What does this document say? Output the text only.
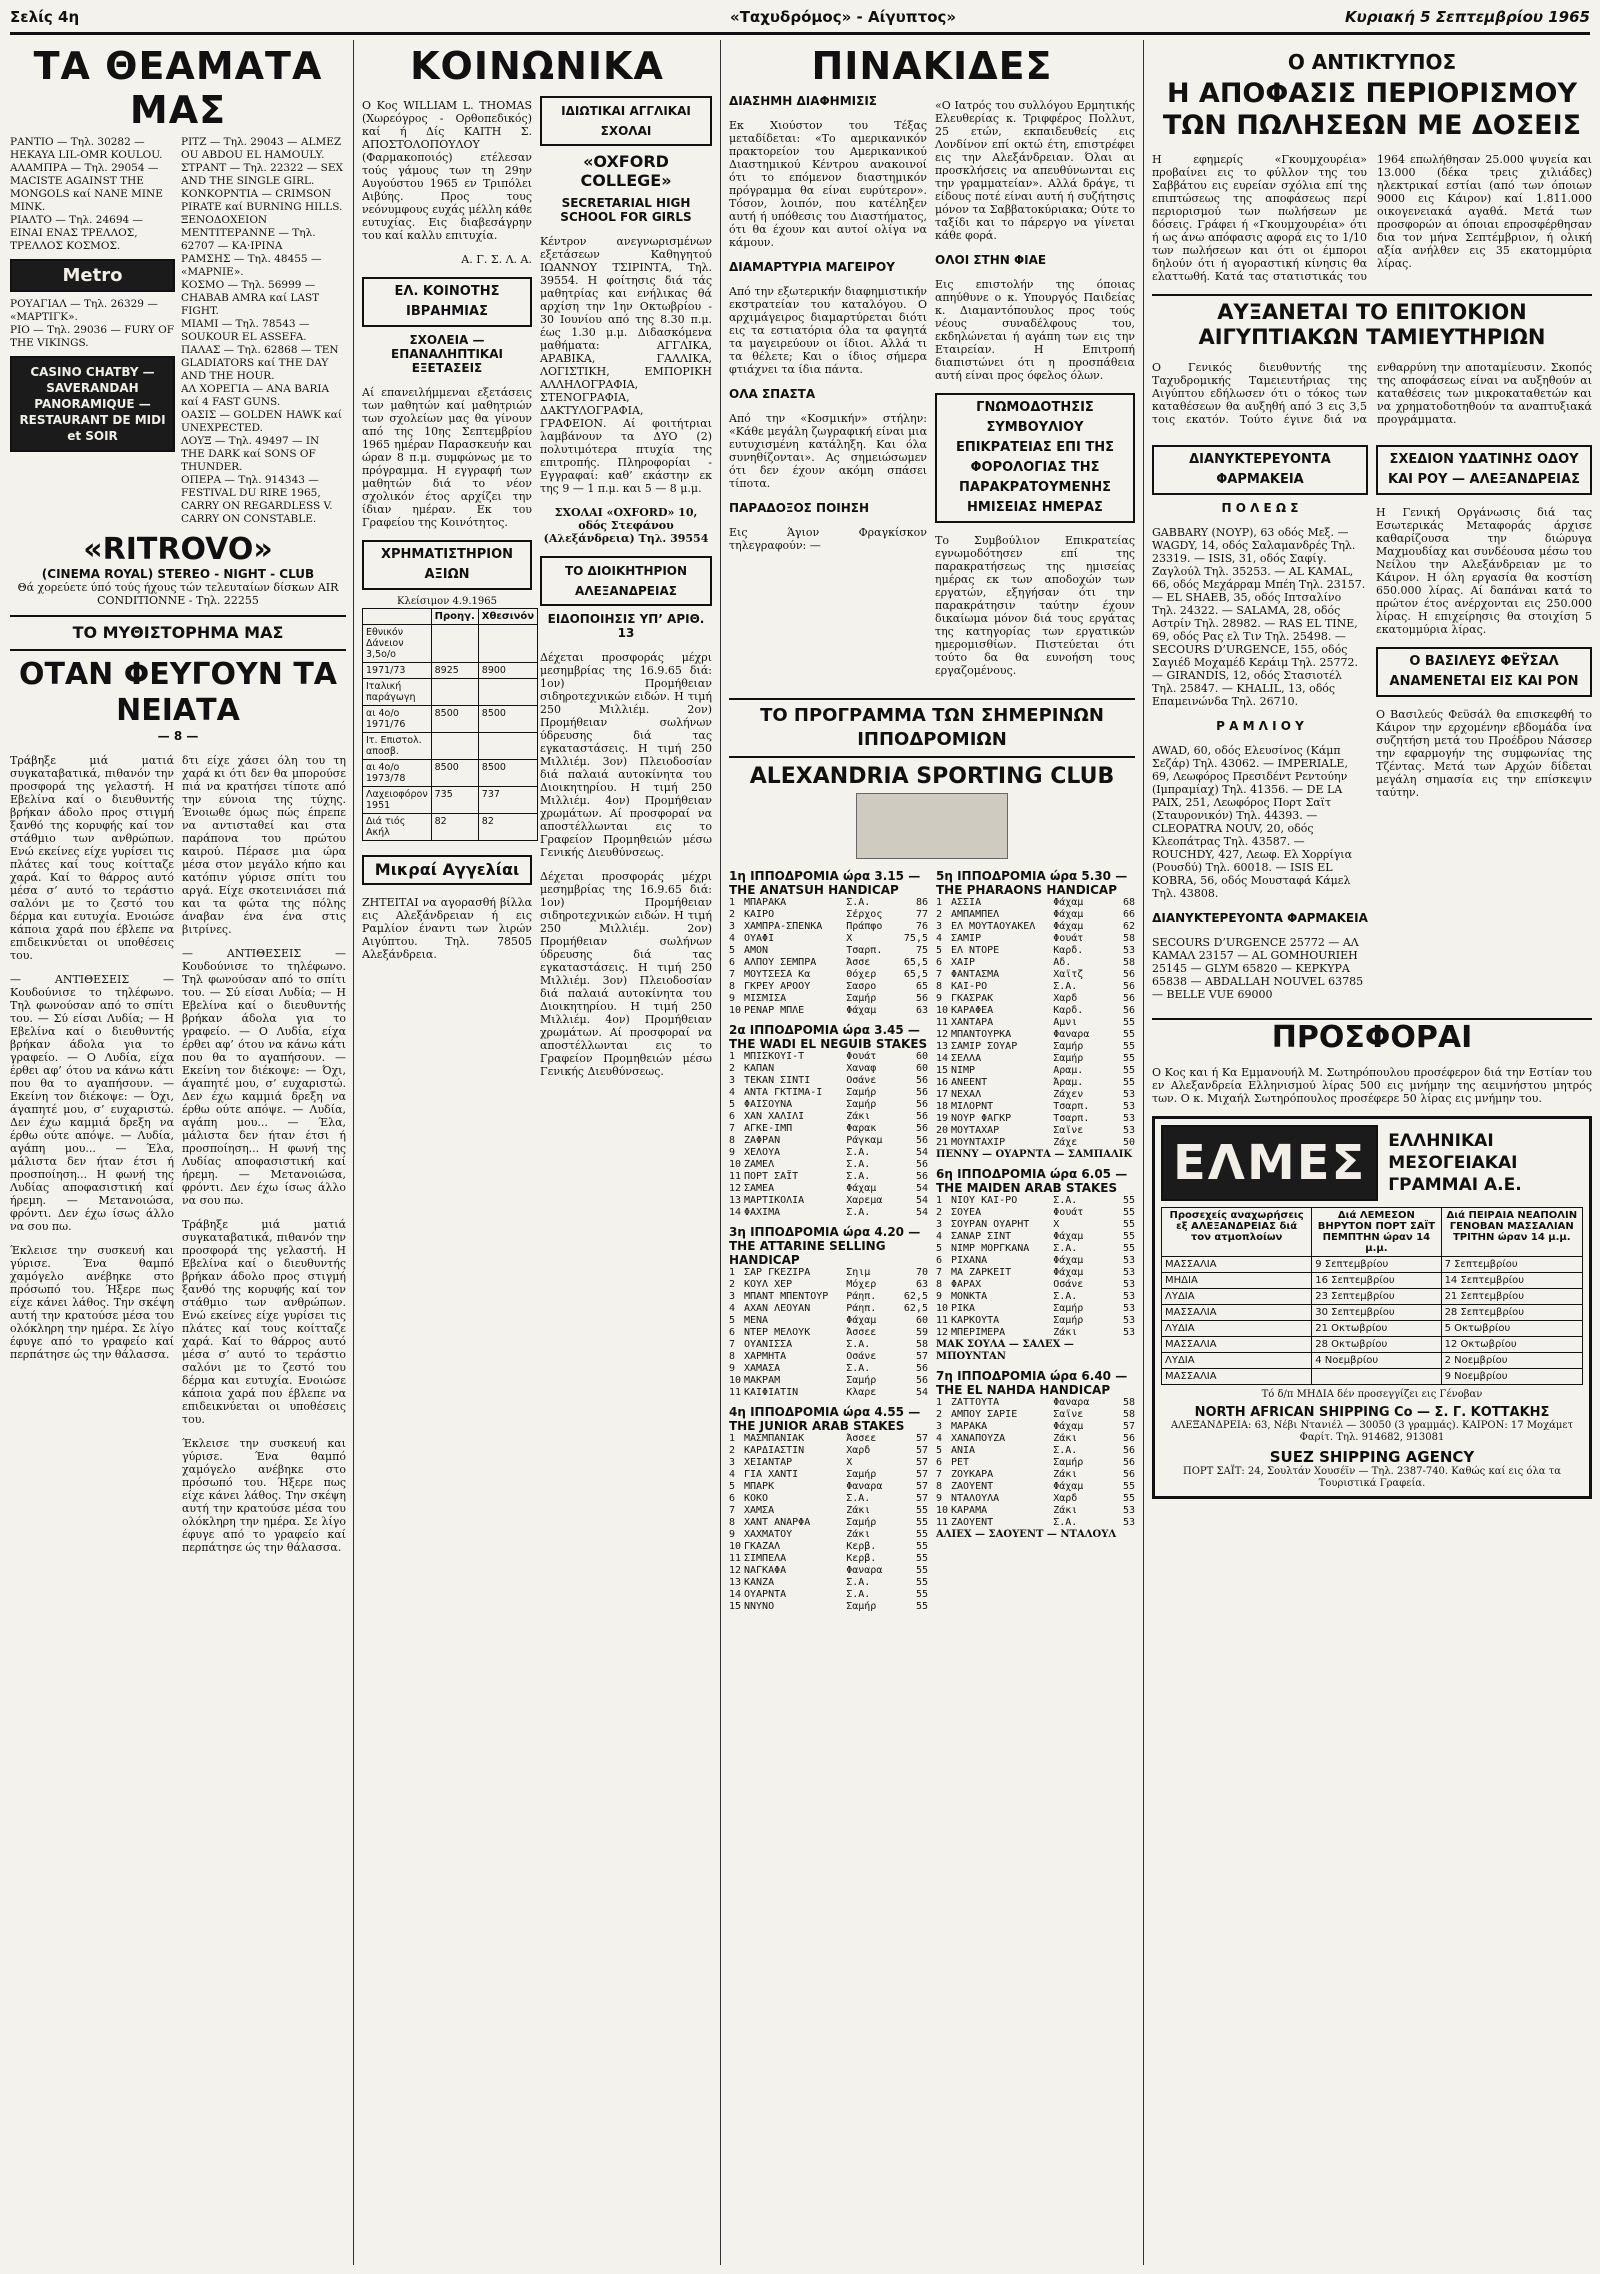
Σελίς 4η	«Ταχυδρόμος» - Αίγυπτος»	Κυριακή 5 Σεπτεμβρίου 1965
ΤΑ ΘΕΑΜΑΤΑ ΜΑΣ

ΡΑΝΤΙΟ — Τηλ. 30282 — HEKAYA LIL-OMR KOULOU.

ΑΛΑΜΠΡΑ — Τηλ. 29054 — MACISTE AGAINST THE MONGOLS καί NANE MINE MINK.

ΡΙΑΛΤΟ — Τηλ. 24694 — ΕΙΝΑΙ ΕΝΑΣ ΤΡΕΛΛΟΣ, ΤΡΕΛΛΟΣ ΚΟΣΜΟΣ.

Metro

ΡΟΥΑΓΙΑΛ — Τηλ. 26329 — «ΜΑΡΤΙΓΚ».

ΡΙΟ — Τηλ. 29036 — FURY OF THE VIKINGS.

CASINO CHATBY — SAVERANDAH PANORAMIQUE — RESTAURANT DE MIDI et SOIR

ΡΙΤΖ — Τηλ. 29043 — ALMEZ OU ABDOU EL HAMOULY.

ΣΤΡΑΝΤ — Τηλ. 22322 — SEX AND THE SINGLE GIRL.

ΚΟΝΚΟΡΝΤΙΑ — CRIMSON PIRATE καί BURNING HILLS.

ΞΕΝΟΔΟΧΕΙΟΝ ΜΕΝΤΙΤΕΡΑΝΝΕ — Τηλ. 62707 — ΚΑ·ΙΡΙΝΑ

ΡΑΜΣΗΣ — Τηλ. 48455 — «ΜΑΡΝΙΕ».

ΚΟΣΜΟ — Τηλ. 56999 — CHABAB AMRA καί LAST FIGHT.

ΜΙΑΜΙ — Τηλ. 78543 — SOUKOUR EL ASSEFA.

ΠΑΛΑΣ — Τηλ. 62868 — TEN GLADIATORS καί THE DAY AND THE HOUR.

ΑΛ ΧΟΡΕΓΙΑ — ANA BARIA καί 4 FAST GUNS.

ΟΑΣΙΣ — GOLDEN HAWK καί UNEXPECTED.

ΛΟΥΞ — Τηλ. 49497 — IN THE DARK καί SONS OF THUNDER.

ΟΠΕΡΑ — Τηλ. 914343 — FESTIVAL DU RIRE 1965, CARRY ON REGARDLESS V. CARRY ON CONSTABLE.

«RITROVO»
(CINEMA ROYAL) STEREO - NIGHT - CLUB
Θά χορεύετε ύπό τούς ήχους τών τελευταίων δίσκων AIR CONDITIONNE - Τηλ. 22255
ΤΟ ΜΥΘΙΣΤΟΡΗΜΑ ΜΑΣ
ΟΤΑΝ ΦΕΥΓΟΥΝ ΤΑ ΝΕΙΑΤΑ
— 8 —

Τράβηξε μιά ματιά συγκαταβατικά, πιθανόν την προσφορά της γελαστή. Η Εβελίνα καί ο διευθυντής βρήκαν άδολο προς στιγμή ξανθό της κορυφής καί τον στάθμιο των ανθρώπων. Ενώ εκείνες είχε γυρίσει τις πλάτες καί τους κοίτταζε χαρά. Καί το θάρρος αυτό μέσα σ’ αυτό το τεράστιο σαλόνι με το ζεστό του δέρμα και ευτυχία. Ενοιώσε κάποια χαρά που έβλεπε να επιδεικνύεται οι υποθέσεις του.

— ΑΝΤΙΘΕΣΕΙΣ — Κουδούνισε το τηλέφωνο. Τηλ φωνούσαν από το σπίτι του. — Σύ είσαι Λυδία; — Η Εβελίνα καί ο διευθυντής βρήκαν άδολα για το γραφείο. — Ο Λυδία, είχα έρθει αφ’ ότου να κάνω κάτι που θα το αγαπήσουν. — Εκείνη τον διέκοψε: — Όχι, άγαπητέ μου, σ’ ευχαριστώ. Δεν έχω καμμιά δρεξη να έρθω ούτε απόψε. — Λυδία, αγάπη μου... — Έλα, μάλιστα δεν ήταν έτσι ή προσποίηση... Η φωνή της Λυδίας αποφασιστική καί ήρεμη. — Μετανοιώσα, φρόντι. Δεν έχω ίσως άλλο να σου πω.

Έκλεισε την συσκευή και γύρισε. Ένα θαμπό χαμόγελο ανέβηκε στο πρόσωπό του. Ήξερε πως είχε κάνει λάθος. Την σκέψη αυτή την κρατούσε μέσα του ολόκληρη την ημέρα. Σε λίγο έφυγε από το γραφείο καί περπάτησε ώς την θάλασσα.

δτι είχε χάσει όλη του τη χαρά κι ότι δεν θα μπορούσε πιά να κρατήσει τίποτε από την εύνοια της τύχης. Ένοιωθε όμως πώς έπρεπε να αντισταθεί και στα παράπονα του πρώτου καιρού. Πέρασε μια ώρα μέσα στον μεγάλο κήπο και κατόπιν γύρισε σπίτι του αργά. Είχε σκοτεινιάσει πιά και τα φώτα της πόλης άναβαν ένα ένα στις βιτρίνες.

— ΑΝΤΙΘΕΣΕΙΣ — Κουδούνισε το τηλέφωνο. Τηλ φωνούσαν από το σπίτι του. — Σύ είσαι Λυδία; — Η Εβελίνα καί ο διευθυντής βρήκαν άδολα για το γραφείο. — Ο Λυδία, είχα έρθει αφ’ ότου να κάνω κάτι που θα το αγαπήσουν. — Εκείνη τον διέκοψε: — Όχι, άγαπητέ μου, σ’ ευχαριστώ. Δεν έχω καμμιά δρεξη να έρθω ούτε απόψε. — Λυδία, αγάπη μου... — Έλα, μάλιστα δεν ήταν έτσι ή προσποίηση... Η φωνή της Λυδίας αποφασιστική καί ήρεμη. — Μετανοιώσα, φρόντι. Δεν έχω ίσως άλλο να σου πω.

Τράβηξε μιά ματιά συγκαταβατικά, πιθανόν την προσφορά της γελαστή. Η Εβελίνα καί ο διευθυντής βρήκαν άδολο προς στιγμή ξανθό της κορυφής καί τον στάθμιο των ανθρώπων. Ενώ εκείνες είχε γυρίσει τις πλάτες καί τους κοίτταζε χαρά. Καί το θάρρος αυτό μέσα σ’ αυτό το τεράστιο σαλόνι με το ζεστό του δέρμα και ευτυχία. Ενοιώσε κάποια χαρά που έβλεπε να επιδεικνύεται οι υποθέσεις του.

Έκλεισε την συσκευή και γύρισε. Ένα θαμπό χαμόγελο ανέβηκε στο πρόσωπό του. Ήξερε πως είχε κάνει λάθος. Την σκέψη αυτή την κρατούσε μέσα του ολόκληρη την ημέρα. Σε λίγο έφυγε από το γραφείο καί περπάτησε ώς την θάλασσα.

ΚΟΙΝΩΝΙΚΑ

Ο Κος WILLIAM L. THOMAS (Χωρεόγρος - Ορθοπεδικός) καί ή Δίς ΚΑΙΤΗ Σ. ΑΠΟΣΤΟΛΟΠΟΥΛΟΥ (Φαρμακοποιός) ετέλεσαν τούς γάμους των τη 29ην Αυγούστου 1965 εν Τριπόλει Αιβύης. Προς τους νεόνυμφους ευχάς μέλλη κάθε ευτυχίας. Εις διαβεσάγρην του καί καλλυ επιτυχία.

Α. Γ. Σ. Λ. Α.

ΕΛ. ΚΟΙΝΟΤΗΣ ΙΒΡΑΗΜΙΑΣ
ΣΧΟΛΕΙΑ — ΕΠΑΝΑΛΗΠΤΙΚΑΙ ΕΞΕΤΑΣΕΙΣ

Αί επανειλήμμεναι εξετάσεις των μαθητών καί μαθητριών των σχολείων μας θα γίνουν από της 10ης Σεπτεμβρίου 1965 ημέραν Παρασκευήν και ώραν 8 π.μ. συμφώνως με το πρόγραμμα. Η εγγραφή των μαθητών διά το νέον σχολικόν έτος αρχίζει την ίδιαν ημέραν. Εκ του Γραφείου της Κοινότητος.

ΧΡΗΜΑΤΙΣΤΗΡΙΟΝ ΑΞΙΩΝ
Κλείσιμον 4.9.1965
	Προηγ.	Χθεσινόν
Εθνικόν Δάνειον 3,5ο/ο		
1971/73	8925	8900
Ιταλική παράγωγη		
αι 4ο/ο 1971/76	8500	8500
Ιτ. Επιστολ. αποσβ.		
αι 4ο/ο 1973/78	8500	8500
Λαχειοφόρον 1951	735	737
Διά τιός Ακήλ	82	82
Μικραί Αγγελίαι

ΖΗΤΕΙΤΑΙ να αγορασθή βίλλα εις Αλεξάνδρειαν ή εις Ραμλίον έναντι των λιρών Αιγύπτου. Τηλ. 78505 Αλεξάνδρεια.

ΙΔΙΩΤΙΚΑΙ ΑΓΓΛΙΚΑΙ ΣΧΟΛΑΙ
«OXFORD COLLEGE»
SECRETARIAL HIGH SCHOOL FOR GIRLS

Κέντρον ανεγνωρισμένων εξετάσεων Καθηγητού ΙΩΑΝΝΟΥ ΤΣΙΡΙΝΤΑ, Τηλ. 39554. Η φοίτησις διά τάς μαθητρίας και ενήλικας θά αρχίση την 1ην Οκτωβρίου - 30 Ιουνίου από της 8.30 π.μ. έως 1.30 μ.μ. Διδασκόμενα μαθήματα: ΑΓΓΛΙΚΑ, ΑΡΑΒΙΚΑ, ΓΑΛΛΙΚΑ, ΛΟΓΙΣΤΙΚΗ, ΕΜΠΟΡΙΚΗ ΑΛΛΗΛΟΓΡΑΦΙΑ, ΣΤΕΝΟΓΡΑΦΙΑ, ΔΑΚΤΥΛΟΓΡΑΦΙΑ, ΓΡΑΦΕΙΟΝ. Αί φοιτήτριαι λαμβάνουν τα ΔΥΟ (2) πολυτιμότερα πτυχία της επιτροπής. Πληροφορίαι - Εγγραφαί: καθ’ εκάστην εκ της 9 — 1 π.μ. και 5 — 8 μ.μ.

ΣΧΟΛΑΙ «OXFORD» 10, οδός Στεφάνου (Αλεξάνδρεια) Τηλ. 39554

ΤΟ ΔΙΟΙΚΗΤΗΡΙΟΝ ΑΛΕΞΑΝΔΡΕΙΑΣ
ΕΙΔΟΠΟΙΗΣΙΣ ΥΠ’ ΑΡΙΘ. 13

Δέχεται προσφοράς μέχρι μεσημβρίας της 16.9.65 διά: 1ον) Προμήθειαν σιδηροτεχνικών ειδών. Η τιμή 250 Μιλλιέμ. 2ον) Προμήθειαν σωλήνων ύδρευσης διά τας εγκαταστάσεις. Η τιμή 250 Μιλλιέμ. 3ον) Πλειοδοσίαν διά παλαιά αυτοκίνητα του Διοικητηρίου. Η τιμή 250 Μιλλιέμ. 4ον) Προμήθειαν χρωμάτων. Αί προσφοραί να αποστέλλωνται εις το Γραφείον Προμηθειών μέσω Γενικής Διευθύνσεως.

Δέχεται προσφοράς μέχρι μεσημβρίας της 16.9.65 διά: 1ον) Προμήθειαν σιδηροτεχνικών ειδών. Η τιμή 250 Μιλλιέμ. 2ον) Προμήθειαν σωλήνων ύδρευσης διά τας εγκαταστάσεις. Η τιμή 250 Μιλλιέμ. 3ον) Πλειοδοσίαν διά παλαιά αυτοκίνητα του Διοικητηρίου. Η τιμή 250 Μιλλιέμ. 4ον) Προμήθειαν χρωμάτων. Αί προσφοραί να αποστέλλωνται εις το Γραφείον Προμηθειών μέσω Γενικής Διευθύνσεως.

ΠΙΝΑΚΙΔΕΣ
ΔΙΑΣΗΜΗ ΔΙΑΦΗΜΙΣΙΣ

Εκ Χιούστον του Τέξας μεταδίδεται: «Το αμερικανικόν πρακτορείον του Αμερικανικού Διαστημικού Κέντρου ανακοινοί ότι το επόμενον διαστημικόν πρόγραμμα θα είναι ευρύτερον». Τόσον, λοιπόν, που κατέληξεν αυτή ή υπόθεσις του Διαστήματος, ότι θα έχουν και αυτοί ολίγα να κάμουν.

ΔΙΑΜΑΡΤΥΡΙΑ ΜΑΓΕΙΡΟΥ

Από την εξωτερικήν διαφημιστικήν εκστρατείαν του καταλόγου. Ο αρχιμάγειρος διαμαρτύρεται διότι εις τα εστιατόρια όλα τα φαγητά τα μαγειρεύουν οι ίδιοι. Αλλά τι τα θέλετε; Και ο ίδιος σήμερα φτιάχνει τα ίδια πάντα.

ΟΛΑ ΣΠΑΣΤΑ

Από την «Κοσμικήν» στήλην: «Κάθε μεγάλη ζωγραφική είναι μια ευτυχισμένη κατάληξη. Και όλα συνηθίζονται». Ας σημειώσωμεν ότι δεν έχουν ακόμη σπάσει τίποτα.

ΠΑΡΑΔΟΞΟΣ ΠΟΙΗΣΗ

Εις Άγιον Φραγκίσκον τηλεγραφούν: —

«Ο Ιατρός του συλλόγου Ερμητικής Ελευθερίας κ. Τριφφέρος Πολλυτ, 25 ετών, εκπαιδευθείς εις Λονδίνον επί οκτώ έτη, επιστρέφει εις την Αλεξάνδρειαν. Όλαι αι προσκλήσεις να απευθύνωνται εις την γραμματείαν». Αλλά δράγε, τι είδους ποτέ είναι αυτή ή συζήτησις μόνον τα Σαββατοκύριακα; Ούτε το ταξίδι και το πάρεργο να γίνεται κάθε φορά.

ΟΛΟΙ ΣΤΗΝ ΦΙΑΕ

Εις επιστολήν της όποιας απηύθυνε ο κ. Υπουργός Παιδείας κ. Διαμαντόπουλος προς τούς νέους συναδέλφους του, εκδηλώνεται ή αγάπη των εις την Εταιρείαν. Η Επιτροπή διαπιστώνει ότι η προσπάθεια αυτή είναι προς όφελος όλων.

ΓΝΩΜΟΔΟΤΗΣΙΣ ΣΥΜΒΟΥΛΙΟΥ ΕΠΙΚΡΑΤΕΙΑΣ ΕΠΙ ΤΗΣ ΦΟΡΟΛΟΓΙΑΣ ΤΗΣ ΠΑΡΑΚΡΑΤΟΥΜΕΝΗΣ ΗΜΙΣΕΙΑΣ ΗΜΕΡΑΣ

Το Συμβούλιον Επικρατείας εγνωμοδότησεν επί της παρακρατήσεως της ημισείας ημέρας εκ των αποδοχών των εργατών, εξηγήσαν ότι την παρακράτησιν ταύτην έχουν δικαίωμα μόνον διά τους εργάτας της κατηγορίας των εργατικών ημερομισθίων. Πιστεύεται ότι τούτο δα θα ευνοήση τους εργαζομένους.

ΤΟ ΠΡΟΓΡΑΜΜΑ ΤΩΝ ΣΗΜΕΡΙΝΩΝ ΙΠΠΟΔΡΟΜΙΩΝ
ALEXANDRIA SPORTING CLUB
1η ΙΠΠΟΔΡΟΜΙΑ ώρα 3.15 — ΤΗΕ ANATSUH HANDICAP
1 ΜΠΑΡΑΚΑ	Σ.Α.	86
2 ΚΑΙΡΟ	Σέρχος	77
3 ΧΑΜΠΡΑ-ΣΠΕΝΚΑ	Πράπφο	76
4 ΟΥΑΦΙ	Χ	75,5
5 ΑΜΟΝ	Τσαρπ.	75
6 ΑΛΠΟΥ ΣΕΜΠΡΑ	Άσσε	65,5
7 ΜΟΥΤΣΕΣΑ Κα	Θόχερ	65,5
8 ΓΚΡΕΥ ΑΡΟΟΥ	Σασρο	65
9 ΜΙΣΜΙΣΑ	Σαμήρ	56
10 ΡΕΝΑΡ ΜΠΛΕ	Φάχαμ	63
2α ΙΠΠΟΔΡΟΜΙΑ ώρα 3.45 — ΤΗΕ WADI EL NEGUIB STAKES
1 ΜΠΙΣΚΟΥΙ-Τ	Φουάτ	60
2 ΚΑΠΑΝ	Χαναφ	60
3 ΤΕΚΑΝ ΣΙΝΤΙ	Οσάνε	56
4 ΑΝΤΑ ΓΚΤΙΜΑ-Ι	Σαμήρ	56
5 ΦΑΙΣΟΥΝΑ	Σαμήρ	56
6 ΧΑΝ ΧΑΛΙΛΙ	Ζάκι	56
7 ΑΓΚΕ-ΙΜΠ	Φαρακ	56
8 ΖΑΦΡΑΝ	Ράγκαμ	56
9 ΧΕΛΟΥΑ	Σ.Α.	54
10 ΖΑΜΕΛ	Σ.Α.	56
11 ΠΟΡΤ ΣΑΪΤ	Σ.Α.	56
12 ΣΑΜΕΑ	Φάχαμ	54
13 ΜΑΡΤΙΚΟΛΙΑ	Χαρεμα	54
14 ΦΑΧΙΜΑ	Σ.Α.	54
3η ΙΠΠΟΔΡΟΜΙΑ ώρα 4.20 — ΤΗΕ ATTARINE SELLING HANDICAP
1 ΣΑΡ ΓΚΕΖΙΡΑ	Σηιμ	70
2 ΚΟΥΛ ΧΕΡ	Μόχερ	63
3 ΜΠΑΝΤ ΜΠΕΝΤΟΥΡ	Ράηπ.	62,5
4 ΑΧΑΝ ΛΕΟΥΑΝ	Ράηπ.	62,5
5 ΜΕΝΑ	Φάχαμ	60
6 ΝΤΕΡ ΜΕΛΟΥΚ	Άσσεε	59
7 ΟΥΑΝΙΣΣΑ	Σ.Α.	58
8 ΧΑΡΜΗΤΑ	Οσάνε	57
9 ΧΑΜΑΣΑ	Σ.Α.	56
10 ΜΑΚΡΑΜ	Σαμήρ	56
11 ΚΑΙΦΙΑΤΙΝ	Κλαρε	54
4η ΙΠΠΟΔΡΟΜΙΑ ώρα 4.55 — ΤΗΕ JUNIOR ARAB STAKES
1 ΜΑΣΜΠΑΝΙΑΚ	Άσσεε	57
2 ΚΑΡΔΙΑΣΤΙΝ	Χαρδ	57
3 ΧΕΙΑΝΤΑΡ	Χ	57
4 ΓΙΑ ΧΑΝΤΙ	Σαμήρ	57
5 ΜΠΑΡΚ	Φαναρα	57
6 ΚΟΚΟ	Σ.Α.	57
7 ΧΑΜΣΑ	Ζάκι	55
8 ΧΑΝΤ ΑΝΑΡΦΑ	Σαμήρ	55
9 ΧΑΧΜΑΤΟΥ	Ζάκι	55
10 ΓΚΑΖΑΛ	Κερβ.	55
11 ΣΙΜΠΕΛΑ	Κερβ.	55
12 ΝΑΓΚΑΦΑ	Φαναρα	55
13 ΚΑΝΖΑ	Σ.Α.	55
14 ΟΥΑΡΝΤΑ	Σ.Α.	55
15 ΝΝΥΝΟ	Σαμήρ	55
5η ΙΠΠΟΔΡΟΜΙΑ ώρα 5.30 — ΤΗΕ PHARAONS HANDICAP
1 ΑΣΣΙΑ	Φάχαμ	68
2 ΑΜΠΑΜΠΕΛ	Φάχαμ	66
3 ΕΛ ΜΟΥΤΑΟΥΑΚΕΛ	Φάχαμ	62
4 ΣΑΜΙΡ	Φουάτ	58
5 ΕΛ ΝΤΟΡΕ	Καρδ.	53
6 ΧΑΙΡ	Αδ.	58
7 ΦΑΝΤΑΣΜΑ	Χαϊτζ	56
8 ΚΑΙ-ΡΟ	Σ.Α.	56
9 ΓΚΑΣΡΑΚ	Χαρδ	56
10 ΚΑΡΑΦΕΑ	Καρδ.	56
11 ΧΑΝΤΑΡΑ	Αμνι	55
12 ΜΠΑΝΤΟΥΡΚΑ	Φαναρα	55
13 ΣΑΜΙΡ ΣΟΥΑΡ	Σαμήρ	55
14 ΣΕΛΛΑ	Σαμήρ	55
15 ΝΙΜΡ	Αραμ.	55
16 ΑΝΕΕΝΤ	Άραμ.	55
17 ΝΕΧΑΛ	Ζάχεν	53
18 ΜΙΛΟΡΝΤ	Τσαρπ.	53
19 ΝΟΥΡ ΦΑΓΚΡ	Τσαρπ.	53
20 ΜΟΥΤΑΧΑΡ	Σαϊνε	53
21 ΜΟΥΝΤΑΧΙΡ	Ζάχε	50
ΠΕΝΝΥ — ΟΥΑΡΝΤΑ — ΣΑΜΠΑΛΙΚ
6η ΙΠΠΟΔΡΟΜΙΑ ώρα 6.05 — ΤΗΕ MAIDEN ARAB STAKES
1 ΝΙΟΥ ΚΑΙ-ΡΟ	Σ.Α.	55
2 ΣΟΥΕΑ	Φουάτ	55
3 ΣΟΥΡΑΝ ΟΥΑΡΗΤ	Χ	55
4 ΣΑΝΑΡ ΣΙΝΤ	Φάχαμ	55
5 ΝΙΜΡ ΜΟΡΓΚΑΝΑ	Σ.Α.	55
6 ΡΙΧΑΝΑ	Φάχαμ	53
7 ΜΑ ΖΑΡΚΕΙΤ	Φάχαμ	53
8 ΦΑΡΑΧ	Οσάνε	53
9 ΜΟΝΚΤΑ	Σ.Α.	53
10 ΡΙΚΑ	Σαμήρ	53
11 ΚΑΡΚΟΥΤΑ	Σαμήρ	53
12 ΜΠΕΡΙΜΕΡΑ	Ζάκι	53
ΜΑΚ ΣΟΥΛΑ — ΣΑΛΕΧ — ΜΠΟΥΝΤΑΝ
7η ΙΠΠΟΔΡΟΜΙΑ ώρα 6.40 — ΤΗΕ EL NAHDA HANDICAP
1 ΖΑΤΤΟΥΤΑ	Φαναρα	58
2 ΑΜΠΟΥ ΣΑΡΙΕ	Σαϊνε	58
3 ΜΑΡΑΚΑ	Φάχαμ	57
4 ΧΑΝΑΠΟΥΖΑ	Ζάκι	56
5 ΑΝΙΑ	Σ.Α.	56
6 ΡΕΤ	Σαμήρ	56
7 ΖΟΥΚΑΡΑ	Ζάκι	56
8 ΖΑΟΥΕΝΤ	Φάχαμ	55
9 ΝΤΑΛΟΥΛΑ	Χαρδ	55
10 ΚΑΡΑΜΑ	Ζάκι	53
11 ΖΑΟΥΕΝΤ	Σ.Α.	53
ΑΛΙΕΧ — ΣΑΟΥΕΝΤ — ΝΤΑΛΟΥΛ
Ο ΑΝΤΙΚΤΥΠΟΣ
Η ΑΠΟΦΑΣΙΣ ΠΕΡΙΟΡΙΣΜΟΥ ΤΩΝ ΠΩΛΗΣΕΩΝ ΜΕ ΔΟΣΕΙΣ

Η εφημερίς «Γκουμχουρέια» προβαίνει εις το φύλλον της του Σαββάτου εις ευρείαν σχόλια επί της επιπτώσεως της αποφάσεως περί περιορισμού των πωλήσεων με δόσεις. Γράφει ή «Γκουμχουρέια» ότι ή ως άνω απόφασις αφορά εις το 1/10 των πωλήσεων και ότι οι έμποροι δηλούν ότι ή αγοραστική κίνησις θα ελαττωθή. Κατά τας στατιστικάς του 1964 επωλήθησαν 25.000 ψυγεία και 13.000 (δέκα τρεις χιλιάδες) ηλεκτρικαί εστίαι (από των όποιων 9000 εις Κάιρον) καί 1.811.000 οικογενειακά αγαθά. Μετά των προσφορών αι όποιαι επροσφέρθησαν δια τον μήνα Σεπτέμβριον, ή ολική αξία ανήλθεν εις 35 εκατομμύρια λίρας.

ΑΥΞΑΝΕΤΑΙ ΤΟ ΕΠΙΤΟΚΙΟΝ ΑΙΓΥΠΤΙΑΚΩΝ ΤΑΜΙΕΥΤΗΡΙΩΝ

Ο Γενικός διευθυντής της Ταχυδρομικής Ταμειευτήριας της Αιγύπτου εδήλωσεν ότι ο τόκος των καταθέσεων θα αυξηθή από 3 εις 3,5 τοις εκατόν. Τούτο έγινε διά να ενθαρρύνη την αποταμίευσιν. Σκοπός της αποφάσεως είναι να αυξηθούν αι καταθέσεις των μικροκαταθετών και να χρηματοδοτηθούν τα αναπτυξιακά προγράμματα.

ΔΙΑΝΥΚΤΕΡΕΥΟΝΤΑ ΦΑΡΜΑΚΕΙΑ
Π Ο Λ Ε Ω Σ

GABBARY (ΝΟΥΡ), 63 οδός Μεξ. — WAGDY, 14, οδός Σαλαμανδρές Τηλ. 23319. — ISIS, 31, οδός Σαφίγ. Ζαγλούλ Τηλ. 35253. — AL KAMAL, 66, οδός Μεχάρραμ Μπέη Τηλ. 23157. — EL SHAEB, 35, οδός Ιπτσαλίνο Τηλ. 24322. — SALAMA, 28, οδός Αστρίν Τηλ. 28982. — RAS EL TINE, 69, οδός Ρας ελ Τιν Τηλ. 25498. — SECOURS D’URGENCE, 155, οδός Σαγιέδ Μοχαμέδ Κεράιμ Τηλ. 25772. — GIRANDIS, 12, οδός Στασιοτέλ Τηλ. 25847. — KHALIL, 13, οδός Επαμεινώνδα Τηλ. 26710.

Ρ Α Μ Λ Ι Ο Υ

AWAD, 60, οδός Ελευσίνος (Κάμπ Σεζάρ) Τηλ. 43062. — IMPERIALE, 69, Λεωφόρος Πρεσιδέντ Ρεντούην (Ιμπραμίαχ) Τηλ. 41356. — DE LA PAIX, 251, Λεωφόρος Πορτ Σαϊτ (Σταυρονικόν) Τηλ. 44393. — CLEOPATRA NOUV, 20, οδός Κλεοπάτρας Τηλ. 43587. — ROUCHDY, 427, Λεωφ. Ελ Χορρίγια (Ρουσδύ) Τηλ. 60018. — ISIS EL KOBRA, 56, οδός Μουσταφά Κάμελ Τηλ. 43808.

ΔΙΑΝΥΚΤΕΡΕΥΟΝΤΑ ΦΑΡΜΑΚΕΙΑ

SECOURS D’URGENCE 25772 — ΑΛ ΚΑΜΑΛ 23157 — AL GOMHOURIEH 25145 — GLYM 65820 — ΚΕΡΚΥΡΑ 65838 — ABDALLAH NOUVEL 63785 — BELLE VUE 69000

ΣΧΕΔΙΟΝ ΥΔΑΤΙΝΗΣ ΟΔΟΥ ΚΑΙ ΡΟΥ — ΑΛΕΞΑΝΔΡΕΙΑΣ

Η Γενική Οργάνωσις διά τας Εσωτερικάς Μεταφοράς άρχισε καθαρίζουσα την διώρυγα Μαχμουδίαχ και συνδέουσα μέσω του Νείλου την Αλεξάνδρειαν με το Κάιρον. Η όλη εργασία θα κοστίση 650.000 λίρας. Αί δαπάναι κατά το πρώτον έτος ανέρχονται εις 250.000 λίρας. Η επιχείρησις θα στοιχίση 5 εκατομμύρια λίρας.

Ο ΒΑΣΙΛΕΥΣ ΦΕΫΣΑΛ ΑΝΑΜΕΝΕΤΑΙ ΕΙΣ ΚΑΙ ΡΟΝ

Ο Βασιλεύς Φεϋσάλ θα επισκεφθή το Κάιρον την ερχομένην εβδομάδα ίνα συζητήση μετά του Προέδρου Νάσσερ την εφαρμογήν της συμφωνίας της Τζέντας. Μετά των Αρχών δίδεται μεγάλη σημασία εις την επίσκεψιν ταύτην.

ΠΡΟΣΦΟΡΑΙ

Ο Κος και ή Κα Εμμανουήλ Μ. Σωτηρόπουλου προσέφερον διά την Εστίαν του εν Αλεξανδρεία Ελληνισμού λίρας 500 εις μνήμην της αειμνήστου μητρός των. Ο κ. Μιχαήλ Σωτηρόπουλος προσέφερε 50 λίρας εις μνήμην του.

ΕΛΜΕΣ	ΕΛΛΗΝΙΚΑΙ ΜΕΣΟΓΕΙΑΚΑΙ ΓΡΑΜΜΑΙ Α.Ε.
Προσεχείς αναχωρήσεις εξ ΑΛΕΞΑΝΔΡΕΙΑΣ διά τον ατμοπλοίων	Διά ΛΕΜΕΣΟΝ ΒΗΡΥΤΟΝ ΠΟΡΤ ΣΑΪΤ ΠΕΜΠΤΗΝ ώραν 14 μ.μ.	Διά ΠΕΙΡΑΙΑ ΝΕΑΠΟΛΙΝ ΓΕΝΟΒΑΝ ΜΑΣΣΑΛΙΑΝ ΤΡΙΤΗΝ ώραν 14 μ.μ.
ΜΑΣΣΑΛΙΑ	9 Σεπτεμβρίου	7 Σεπτεμβρίου
ΜΗΔΙΑ	16 Σεπτεμβρίου	14 Σεπτεμβρίου
ΛΥΔΙΑ	23 Σεπτεμβρίου	21 Σεπτεμβρίου
ΜΑΣΣΑΛΙΑ	30 Σεπτεμβρίου	28 Σεπτεμβρίου
ΛΥΔΙΑ	21 Οκτωβρίου	5 Οκτωβρίου
ΜΑΣΣΑΛΙΑ	28 Οκτωβρίου	12 Οκτωβρίου
ΛΥΔΙΑ	4 Νοεμβρίου	2 Νοεμβρίου
ΜΑΣΣΑΛΙΑ		9 Νοεμβρίου
Τό δ/π ΜΗΔΙΑ δέν προσεγγίζει εις Γένοβαν
NORTH AFRICAN SHIPPING Co — Σ. Γ. ΚΟΤΤΑΚΗΣ
ΑΛΕΞΑΝΔΡΕΙΑ: 63, Νέβι Ντανιέλ — 30050 (3 γραμμάς). ΚΑΙΡΟΝ: 17 Μοχάμετ Φαρίτ. Τηλ. 914682, 913081
SUEZ SHIPPING AGENCY
ΠΟΡΤ ΣΑΪΤ: 24, Σουλτάν Χουσέϊν — Τηλ. 2387-740. Καθώς καί εις όλα τα Τουριστικά Γραφεία.
